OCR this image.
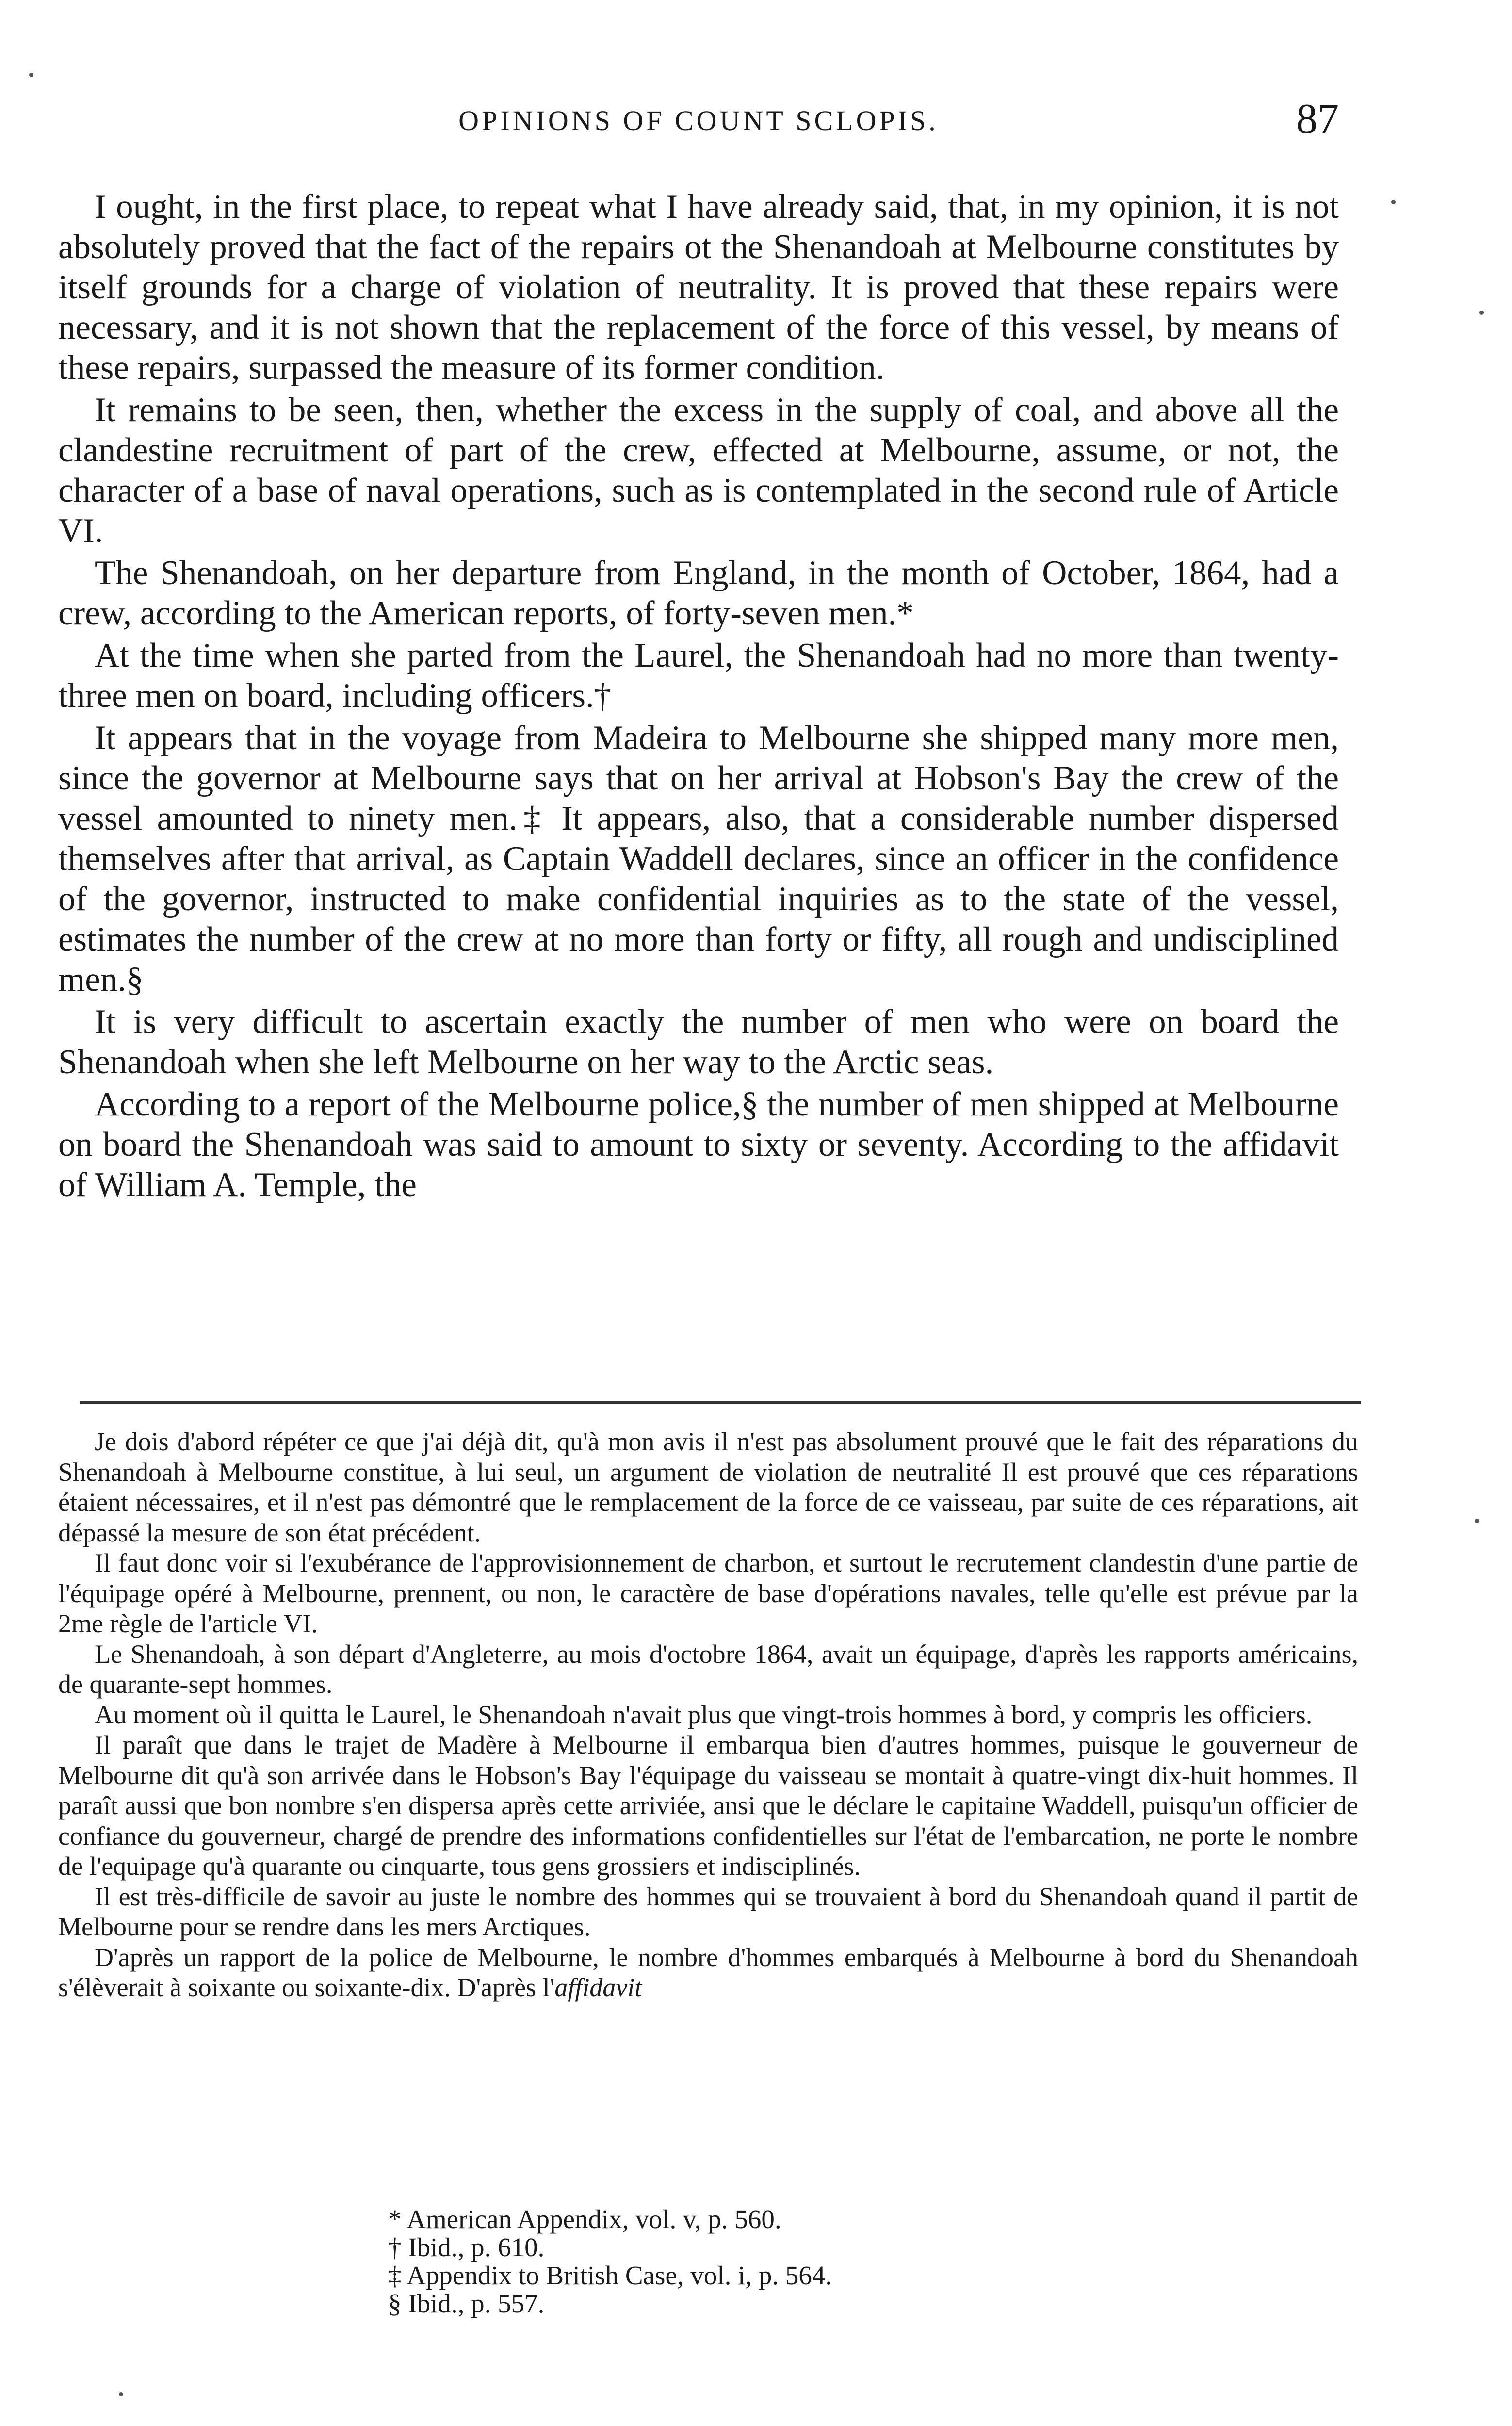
OPINIONS OF COUNT SCLOPIS.	87

I ought, in the first place, to repeat what I have already said, that, in my opinion, it is not absolutely proved that the fact of the repairs ot the Shenandoah at Melbourne constitutes by itself grounds for a charge of violation of neutrality. It is proved that these repairs were necessary, and it is not shown that the replacement of the force of this vessel, by means of these repairs, surpassed the measure of its former condition.

It remains to be seen, then, whether the excess in the supply of coal, and above all the clandestine recruitment of part of the crew, effected at Melbourne, assume, or not, the character of a base of naval operations, such as is contemplated in the second rule of Article VI.

The Shenandoah, on her departure from England, in the month of October, 1864, had a crew, according to the American reports, of forty-seven men.*

At the time when she parted from the Laurel, the Shenandoah had no more than twenty-three men on board, including officers.†

It appears that in the voyage from Madeira to Melbourne she shipped many more men, since the governor at Melbourne says that on her arrival at Hobson's Bay the crew of the vessel amounted to ninety men.‡ It appears, also, that a considerable number dispersed themselves after that arrival, as Captain Waddell declares, since an officer in the confidence of the governor, instructed to make confidential inquiries as to the state of the vessel, estimates the number of the crew at no more than forty or fifty, all rough and undisciplined men.§

It is very difficult to ascertain exactly the number of men who were on board the Shenandoah when she left Melbourne on her way to the Arctic seas.

According to a report of the Melbourne police,§ the number of men shipped at Melbourne on board the Shenandoah was said to amount to sixty or seventy. According to the affidavit of William A. Temple, the

Je dois d'abord répéter ce que j'ai déjà dit, qu'à mon avis il n'est pas absolument prouvé que le fait des réparations du Shenandoah à Melbourne constitue, à lui seul, un argument de violation de neutralité Il est prouvé que ces réparations étaient nécessaires, et il n'est pas démontré que le remplacement de la force de ce vaisseau, par suite de ces réparations, ait dépassé la mesure de son état précédent.

Il faut donc voir si l'exubérance de l'approvisionnement de charbon, et surtout le recrutement clandestin d'une partie de l'équipage opéré à Melbourne, prennent, ou non, le caractère de base d'opérations navales, telle qu'elle est prévue par la 2me règle de l'article VI.

Le Shenandoah, à son départ d'Angleterre, au mois d'octobre 1864, avait un équipage, d'après les rapports américains, de quarante-sept hommes.

Au moment où il quitta le Laurel, le Shenandoah n'avait plus que vingt-trois hommes à bord, y compris les officiers.

Il paraît que dans le trajet de Madère à Melbourne il embarqua bien d'autres hommes, puisque le gouverneur de Melbourne dit qu'à son arrivée dans le Hobson's Bay l'équipage du vaisseau se montait à quatre-vingt dix-huit hommes. Il paraît aussi que bon nombre s'en dispersa après cette arriviée, ansi que le déclare le capitaine Waddell, puisqu'un officier de confiance du gouverneur, chargé de prendre des informations confidentielles sur l'état de l'embarcation, ne porte le nombre de l'equipage qu'à quarante ou cinquarte, tous gens grossiers et indisciplinés.

Il est très-difficile de savoir au juste le nombre des hommes qui se trouvaient à bord du Shenandoah quand il partit de Melbourne pour se rendre dans les mers Arctiques.

D'après un rapport de la police de Melbourne, le nombre d'hommes embarqués à Melbourne à bord du Shenandoah s'élèverait à soixante ou soixante-dix. D'après l'affidavit

* American Appendix, vol. v, p. 560.
† Ibid., p. 610.
‡ Appendix to British Case, vol. i, p. 564.
§ Ibid., p. 557.
